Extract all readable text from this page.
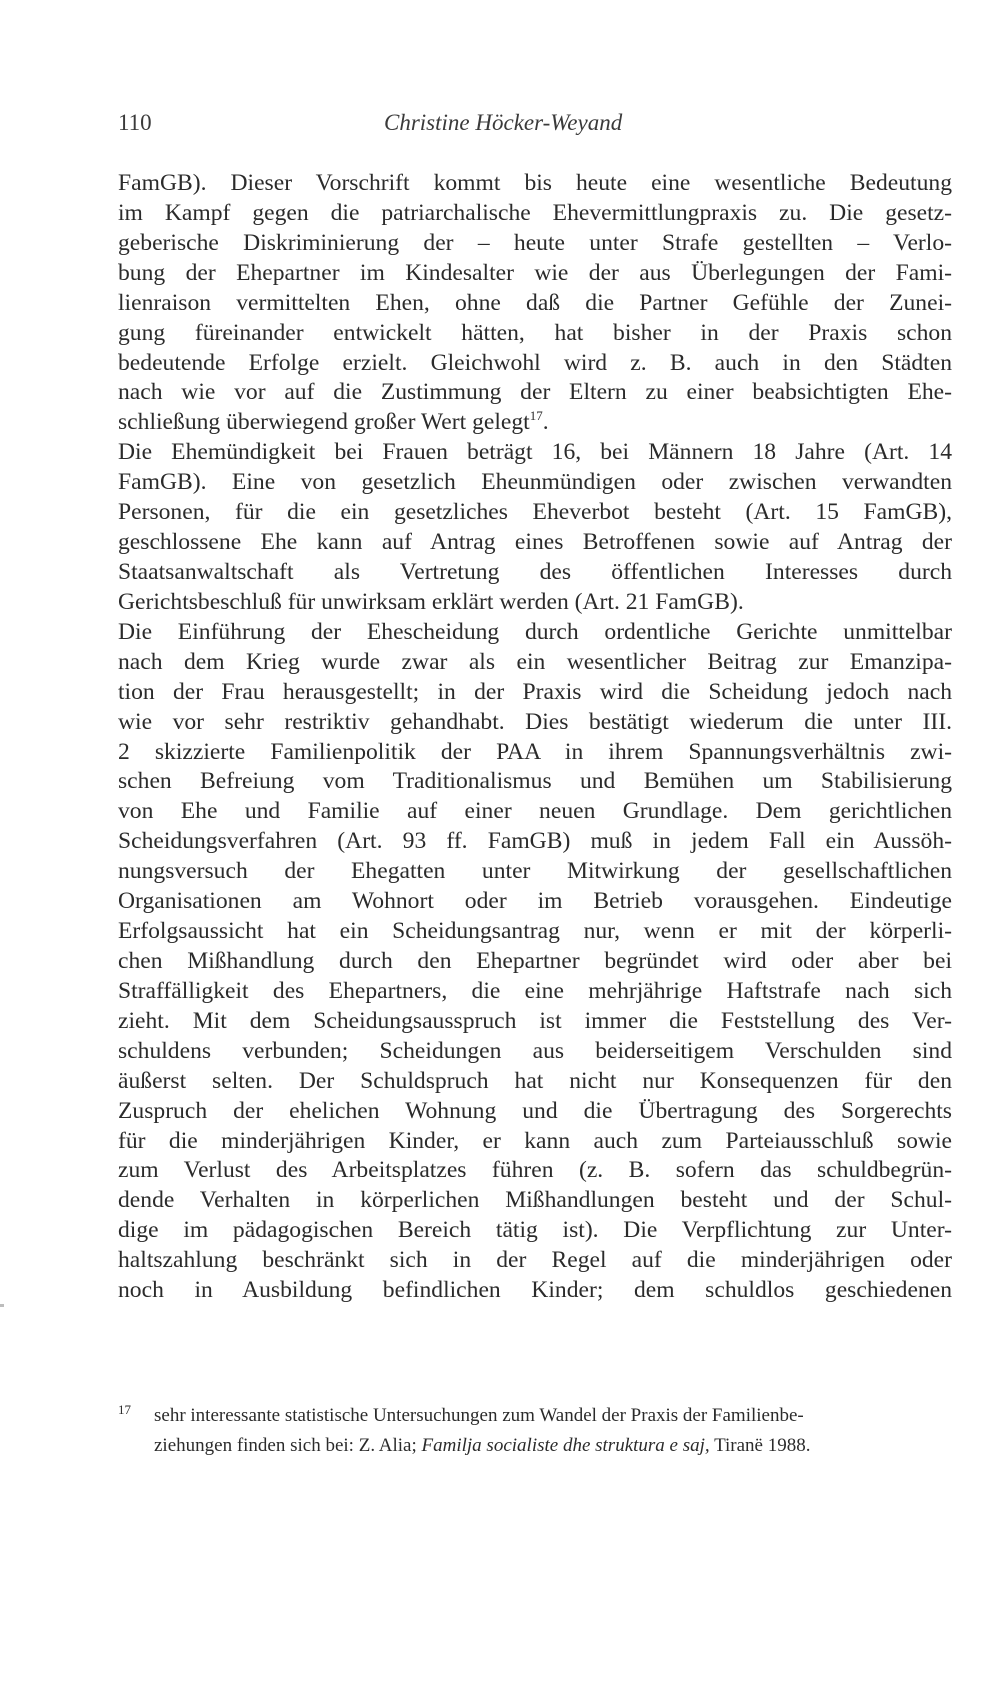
110	Christine Höcker-Weyand
FamGB). Dieser Vorschrift kommt bis heute eine wesentliche Bedeutung
im Kampf gegen die patriarchalische Ehevermittlungpraxis zu. Die gesetz-
geberische Diskriminierung der – heute unter Strafe gestellten – Verlo-
bung der Ehepartner im Kindesalter wie der aus Überlegungen der Fami-
lienraison vermittelten Ehen, ohne daß die Partner Gefühle der Zunei-
gung füreinander entwickelt hätten, hat bisher in der Praxis schon
bedeutende Erfolge erzielt. Gleichwohl wird z. B. auch in den Städten
nach wie vor auf die Zustimmung der Eltern zu einer beabsichtigten Ehe-
schließung überwiegend großer Wert gelegt$^{17}$.
Die Ehemündigkeit bei Frauen beträgt 16, bei Männern 18 Jahre (Art. 14
FamGB). Eine von gesetzlich Eheunmündigen oder zwischen verwandten
Personen, für die ein gesetzliches Eheverbot besteht (Art. 15 FamGB),
geschlossene Ehe kann auf Antrag eines Betroffenen sowie auf Antrag der
Staatsanwaltschaft als Vertretung des öffentlichen Interesses durch
Gerichtsbeschluß für unwirksam erklärt werden (Art. 21 FamGB).
Die Einführung der Ehescheidung durch ordentliche Gerichte unmittelbar
nach dem Krieg wurde zwar als ein wesentlicher Beitrag zur Emanzipa-
tion der Frau herausgestellt; in der Praxis wird die Scheidung jedoch nach
wie vor sehr restriktiv gehandhabt. Dies bestätigt wiederum die unter III.
2 skizzierte Familienpolitik der PAA in ihrem Spannungsverhältnis zwi-
schen Befreiung vom Traditionalismus und Bemühen um Stabilisierung
von Ehe und Familie auf einer neuen Grundlage. Dem gerichtlichen
Scheidungsverfahren (Art. 93 ff. FamGB) muß in jedem Fall ein Aussöh-
nungsversuch der Ehegatten unter Mitwirkung der gesellschaftlichen
Organisationen am Wohnort oder im Betrieb vorausgehen. Eindeutige
Erfolgsaussicht hat ein Scheidungsantrag nur, wenn er mit der körperli-
chen Mißhandlung durch den Ehepartner begründet wird oder aber bei
Straffälligkeit des Ehepartners, die eine mehrjährige Haftstrafe nach sich
zieht. Mit dem Scheidungsausspruch ist immer die Feststellung des Ver-
schuldens verbunden; Scheidungen aus beiderseitigem Verschulden sind
äußerst selten. Der Schuldspruch hat nicht nur Konsequenzen für den
Zuspruch der ehelichen Wohnung und die Übertragung des Sorgerechts
für die minderjährigen Kinder, er kann auch zum Parteiausschluß sowie
zum Verlust des Arbeitsplatzes führen (z. B. sofern das schuldbegrün-
dende Verhalten in körperlichen Mißhandlungen besteht und der Schul-
dige im pädagogischen Bereich tätig ist). Die Verpflichtung zur Unter-
haltszahlung beschränkt sich in der Regel auf die minderjährigen oder
noch in Ausbildung befindlichen Kinder; dem schuldlos geschiedenen
17 sehr interessante statistische Untersuchungen zum Wandel der Praxis der Familienbe-
ziehungen finden sich bei: Z. Alia; Familja socialiste dhe struktura e saj, Tiranë 1988.
